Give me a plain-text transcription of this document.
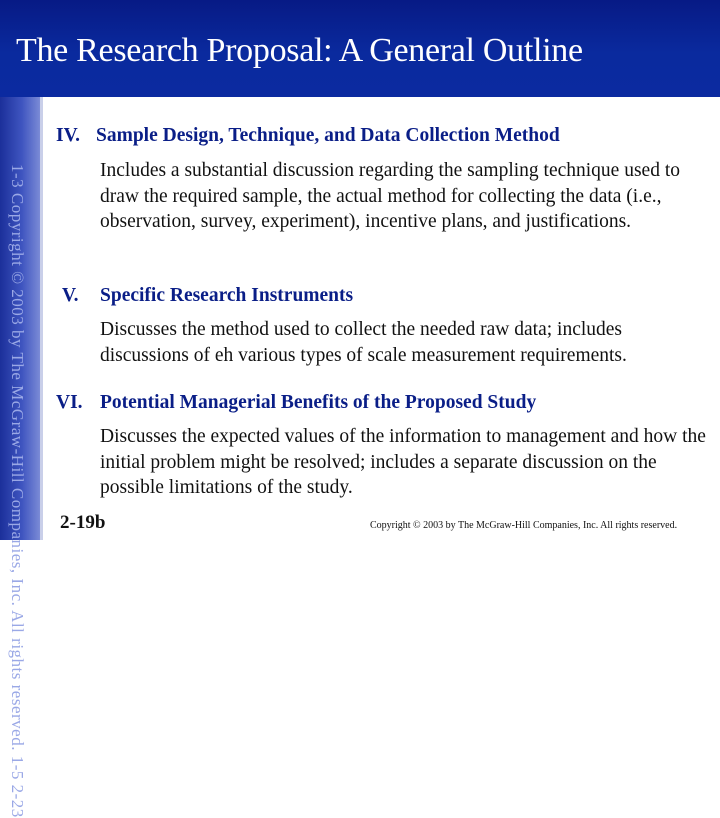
The Research Proposal: A General Outline
1-3 Copyright © 2003 by The McGraw-Hill Companies, Inc. All rights reserved. 1-5 2-23
IV. Sample Design, Technique, and Data Collection Method
Includes a substantial discussion regarding the sampling technique used to draw the required sample, the actual method for collecting the data (i.e., observation, survey, experiment), incentive plans, and justifications.
V. Specific Research Instruments
Discusses the method used to collect the needed raw data; includes discussions of eh various types of scale measurement requirements.
VI. Potential Managerial Benefits of the Proposed Study
Discusses the expected values of the information to management and how the initial problem might be resolved; includes a separate discussion on the possible limitations of the study.
2-19b	Copyright © 2003 by The McGraw-Hill Companies, Inc. All rights reserved.
